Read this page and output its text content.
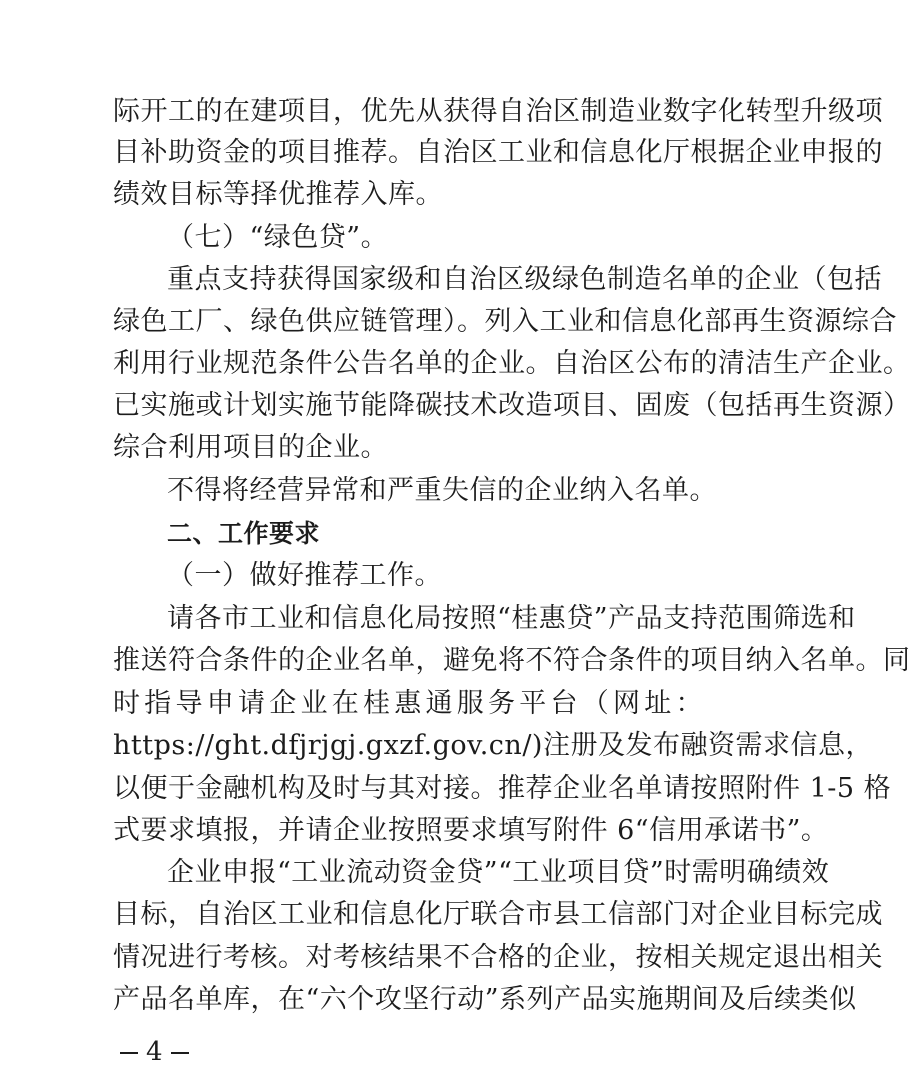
际开工的在建项目，优先从获得自治区制造业数字化转型升级项
目补助资金的项目推荐。自治区工业和信息化厅根据企业申报的
绩效目标等择优推荐入库。
（七）“绿色贷”。
重点支持获得国家级和自治区级绿色制造名单的企业（包括
绿色工厂、绿色供应链管理）。列入工业和信息化部再生资源综合
利用行业规范条件公告名单的企业。自治区公布的清洁生产企业。
已实施或计划实施节能降碳技术改造项目、固废（包括再生资源）
综合利用项目的企业。
不得将经营异常和严重失信的企业纳入名单。
二、工作要求
（一）做好推荐工作。
请各市工业和信息化局按照“桂惠贷”产品支持范围筛选和
推送符合条件的企业名单，避免将不符合条件的项目纳入名单。同
时指导申请企业在桂惠通服务平台（网址：
https://ght.dfjrjgj.gxzf.gov.cn/)注册及发布融资需求信息，
以便于金融机构及时与其对接。推荐企业名单请按照附件 1-5 格
式要求填报，并请企业按照要求填写附件 6“信用承诺书”。
企业申报“工业流动资金贷”“工业项目贷”时需明确绩效
目标，自治区工业和信息化厅联合市县工信部门对企业目标完成
情况进行考核。对考核结果不合格的企业，按相关规定退出相关
产品名单库，在“六个攻坚行动”系列产品实施期间及后续类似
4
